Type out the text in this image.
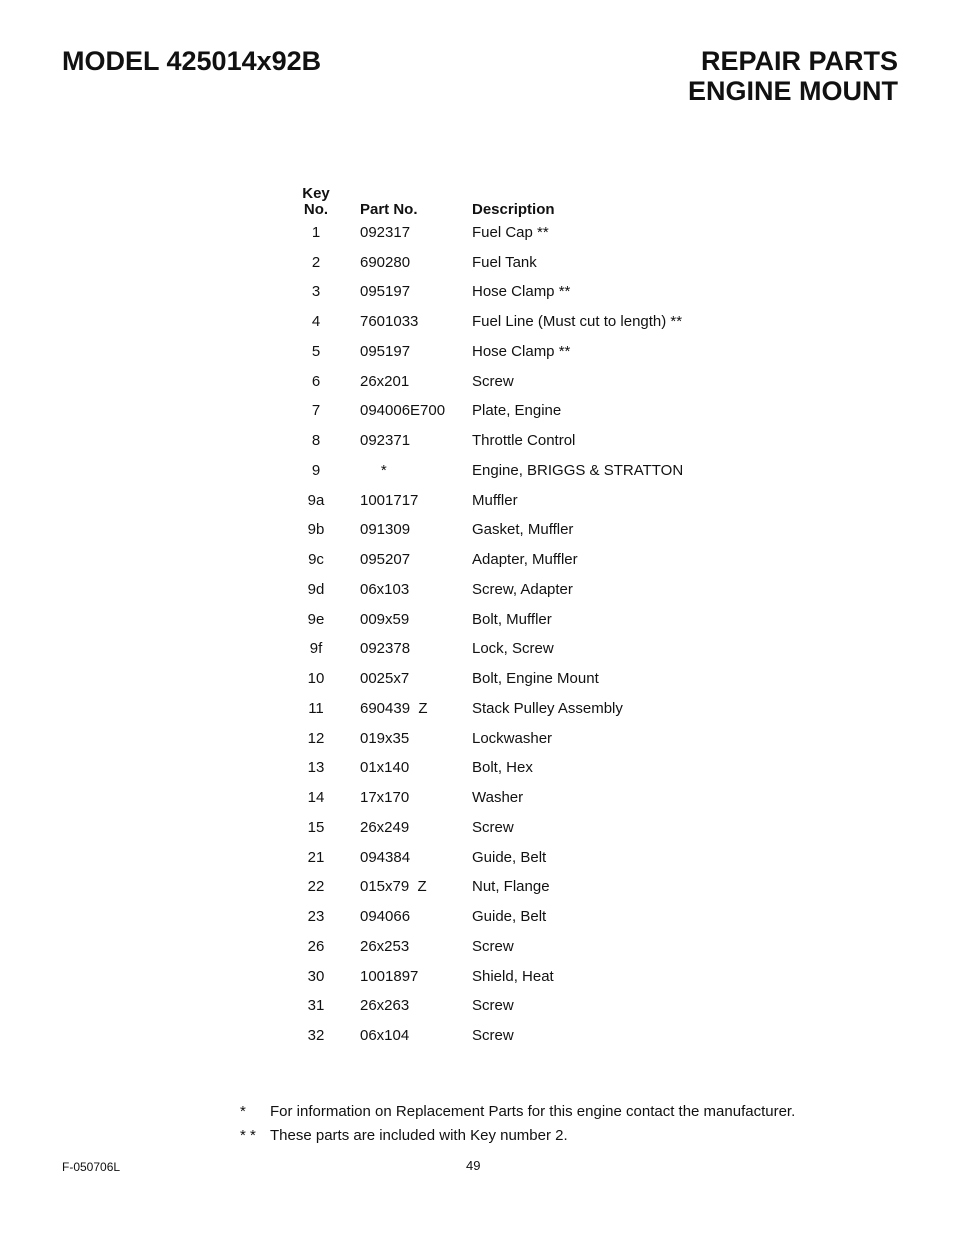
MODEL 425014x92B	REPAIR PARTS
ENGINE MOUNT
Key
No.	Part No.	Description
1	092317	Fuel Cap **
2	690280	Fuel Tank
3	095197	Hose Clamp **
4	7601033	Fuel Line (Must cut to length) **
5	095197	Hose Clamp **
6	26x201	Screw
7	094006E700	Plate, Engine
8	092371	Throttle Control
9	*	Engine, BRIGGS & STRATTON
9a	1001717	Muffler
9b	091309	Gasket, Muffler
9c	095207	Adapter, Muffler
9d	06x103	Screw, Adapter
9e	009x59	Bolt, Muffler
9f	092378	Lock, Screw
10	0025x7	Bolt, Engine Mount
11	690439  Z	Stack Pulley Assembly
12	019x35	Lockwasher
13	01x140	Bolt, Hex
14	17x170	Washer
15	26x249	Screw
21	094384	Guide, Belt
22	015x79  Z	Nut, Flange
23	094066	Guide, Belt
26	26x253	Screw
30	1001897	Shield, Heat
31	26x263	Screw
32	06x104	Screw
*	For information on Replacement Parts for this engine contact the manufacturer.
* * These parts are included with Key number 2.
F-050706L	49
